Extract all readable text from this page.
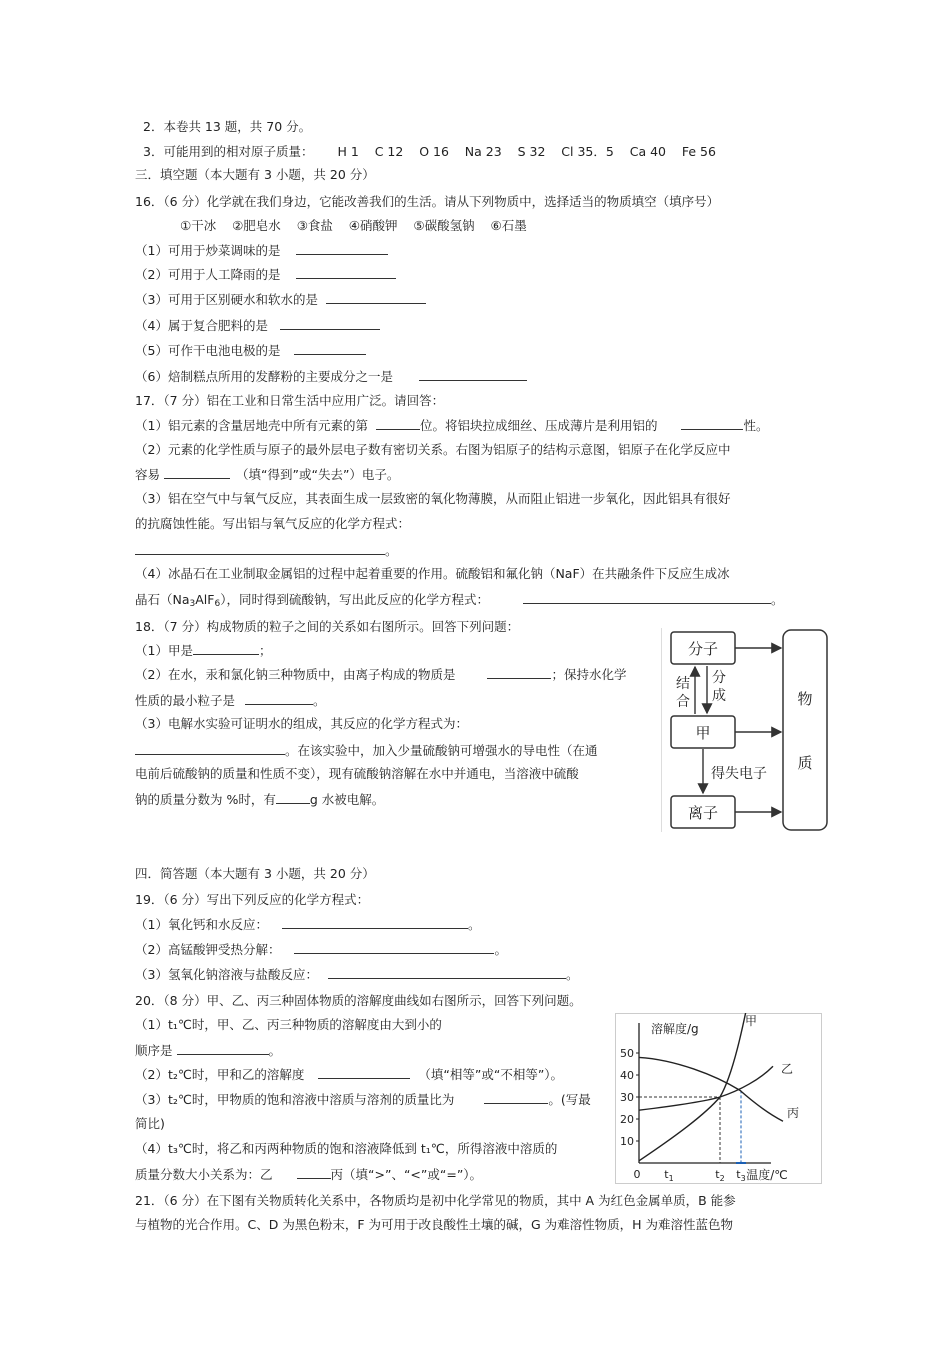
2．本卷共 13 题，共 70 分。
3．可能用到的相对原子质量： H 1    C 12    O 16    Na 23    S 32    Cl 35．5    Ca 40    Fe 56
三．填空题（本大题有 3 小题，共 20 分）
16．（6 分）化学就在我们身边，它能改善我们的生活。请从下列物质中，选择适当的物质填空（填序号）
①干冰    ②肥皂水    ③食盐    ④硝酸钾    ⑤碳酸氢钠    ⑥石墨
（1）可用于炒菜调味的是
（2）可用于人工降雨的是
（3）可用于区别硬水和软水的是
（4）属于复合肥料的是
（5）可作干电池电极的是
（6）焙制糕点所用的发酵粉的主要成分之一是
17．（7 分）铝在工业和日常生活中应用广泛。请回答：
（1）铝元素的含量居地壳中所有元素的第	位。将铝块拉成细丝、压成薄片是利用铝的	性。
（2）元素的化学性质与原子的最外层电子数有密切关系。右图为铝原子的结构示意图，铝原子在化学反应中
容易	（填“得到”或“失去”）电子。
（3）铝在空气中与氧气反应，其表面生成一层致密的氧化物薄膜，从而阻止铝进一步氧化，因此铝具有很好
的抗腐蚀性能。写出铝与氧气反应的化学方程式：
。
（4）冰晶石在工业制取金属铝的过程中起着重要的作用。硫酸铝和氟化钠（NaF）在共融条件下反应生成冰
晶石$(Na_3AlF_6)$，同时得到硫酸钠，写出此反应的化学方程式：	。
18．（7 分）构成物质的粒子之间的关系如右图所示。回答下列问题：
（1）甲是	；
（2）在水，汞和氯化钠三种物质中，由离子构成的物质是	；保持水化学
性质的最小粒子是	。
（3）电解水实验可证明水的组成，其反应的化学方程式为：
。在该实验中，加入少量硫酸钠可增强水的导电性（在通
电前后硫酸钠的质量和性质不变），现有硫酸钠溶解在水中并通电，当溶液中硫酸
钠的质量分数为 %时，有	g 水被电解。
分子
甲
离子
物
质
结
合
分
成
得失电子
四．简答题（本大题有 3 小题，共 20 分）
19．（6 分）写出下列反应的化学方程式：
（1）氧化钙和水反应：	。
（2）高锰酸钾受热分解：	。
（3）氢氧化钠溶液与盐酸反应：	。
20．（8 分）甲、乙、丙三种固体物质的溶解度曲线如右图所示，回答下列问题。
（1）t₁℃时，甲、乙、丙三种物质的溶解度由大到小的
顺序是	。
（2）t₂℃时，甲和乙的溶解度	（填“相等”或“不相等”）。
（3）t₂℃时，甲物质的饱和溶液中溶质与溶剂的质量比为	。(写最
简比)
（4）t₃℃时，将乙和丙两种物质的饱和溶液降低到 t₁℃，所得溶液中溶质的
质量分数大小关系为：乙	丙（填“>”、“<”或“=”）。
21．（6 分）在下图有关物质转化关系中，各物质均是初中化学常见的物质，其中 A 为红色金属单质，B 能参
与植物的光合作用。C、D 为黑色粉末，F 为可用于改良酸性土壤的碱，G 为难溶性物质，H 为难溶性蓝色物
10
20
30
40
50
0 $t_1$	$t_2$ $t_3$
溶解度/g
温度/℃
甲
乙
丙
